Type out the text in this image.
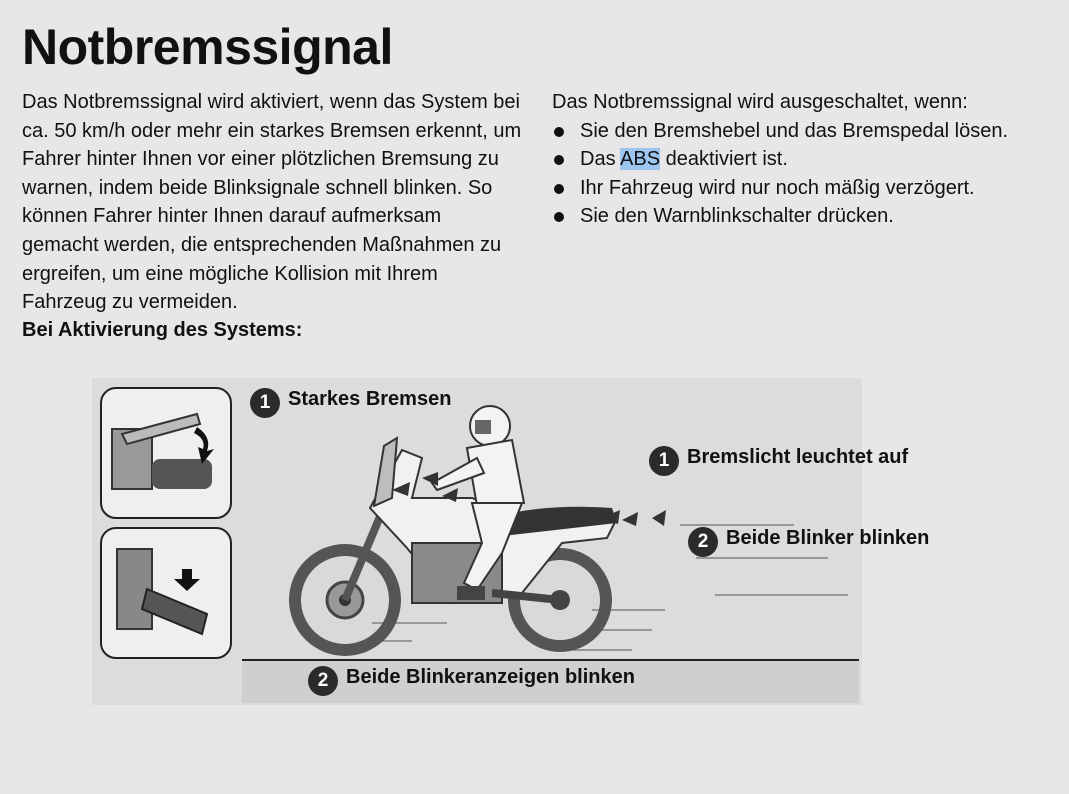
Notbremssignal
Das Notbremssignal wird aktiviert, wenn das System bei ca. 50 km/h oder mehr ein starkes Bremsen erkennt, um Fahrer hinter Ihnen vor einer plötzlichen Bremsung zu warnen, indem beide Blinksignale schnell blinken. So können Fahrer hinter Ihnen darauf aufmerksam gemacht werden, die entsprechenden Maßnahmen zu ergreifen, um eine mögliche Kollision mit Ihrem Fahrzeug zu vermeiden.
Das Notbremssignal wird ausgeschaltet, wenn:
Sie den Bremshebel und das Bremspedal lösen.
Das ABS deaktiviert ist.
Ihr Fahrzeug wird nur noch mäßig verzögert.
Sie den Warnblinkschalter drücken.
Bei Aktivierung des Systems:
1 Starkes Bremsen
1 Bremslicht leuchtet auf
2 Beide Blinker blinken
2 Beide Blinkeranzeigen blinken
